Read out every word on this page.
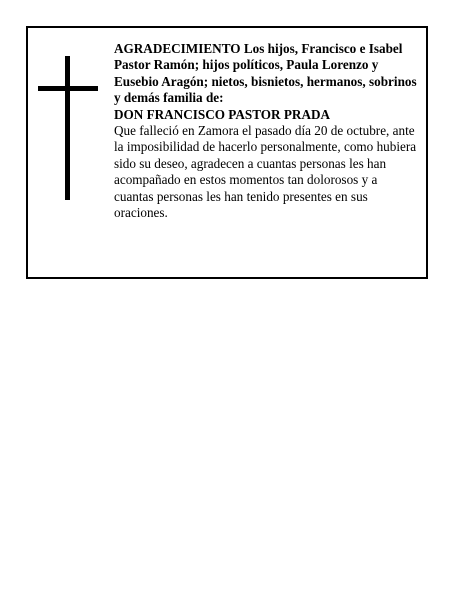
AGRADECIMIENTO Los hijos, Francisco e Isabel Pastor Ramón; hijos políticos, Paula Lorenzo y Eusebio Aragón; nietos, bisnietos, hermanos, sobrinos y demás familia de:

DON FRANCISCO PASTOR PRADA

Que falleció en Zamora el pasado día 20 de octubre, ante la imposibilidad de hacerlo personalmente, como hubiera sido su deseo, agradecen a cuantas personas les han acompañado en estos momentos tan dolorosos y a cuantas personas les han tenido presentes en sus oraciones.
